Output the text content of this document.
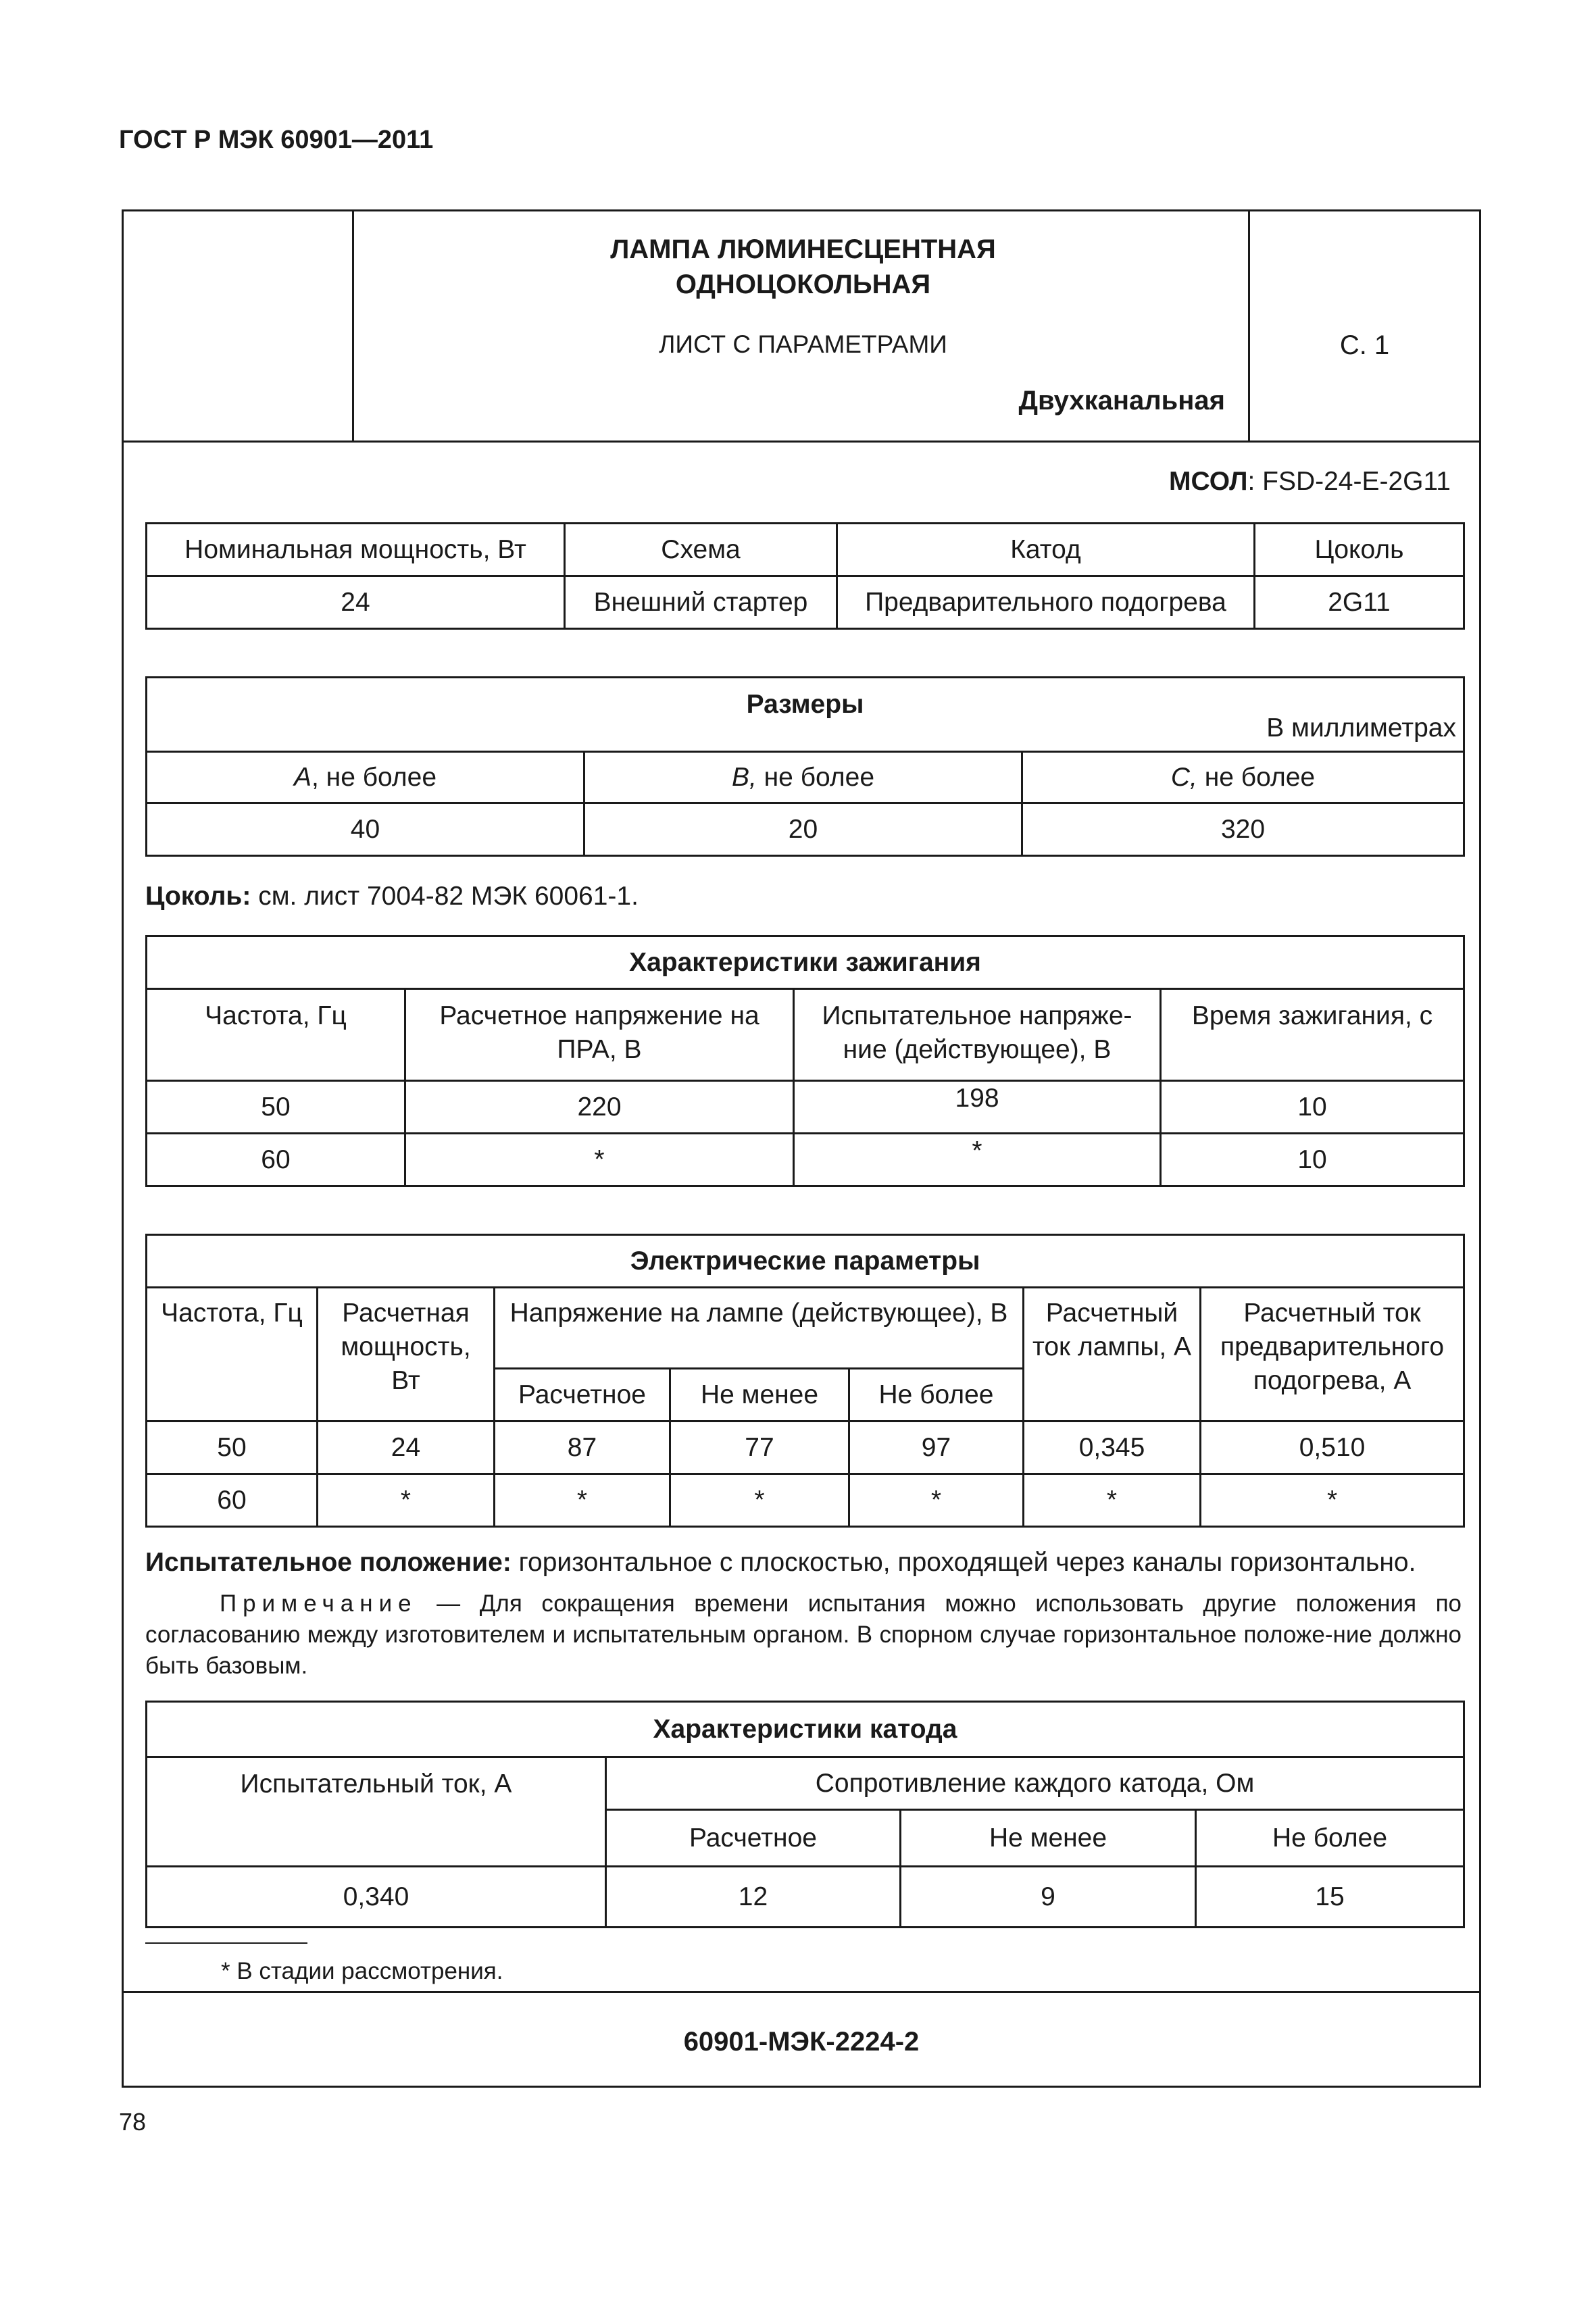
ГОСТ Р МЭК 60901—2011
ЛАМПА ЛЮМИНЕСЦЕНТНАЯ
ОДНОЦОКОЛЬНАЯ
ЛИСТ С ПАРАМЕТРАМИ
Двухканальная
С. 1
МСОЛ: FSD-24-E-2G11
Номинальная мощность, Вт	Схема	Катод	Цоколь
24	Внешний стартер	Предварительного подогрева	2G11
Размеры
В миллиметрах		

A, не более	B, не более	C, не более
40	20	320
Цоколь: см. лист 7004-82 МЭК 60061-1.
Характеристики зажигания			
Частота, Гц	Расчетное напряжение на ПРА, В	Испытательное напряже-ние (действующее), В	Время зажигания, с
50	220	198	10
60	*	*	10
Электрические параметры						
Частота, Гц	Расчетная мощность, Вт	Напряжение на лампе (действующее), В			Расчетный ток лампы, А	Расчетный ток предварительного подогрева, А
		Расчетное	Не менее	Не более		
50	24	87	77	97	0,345	0,510
60	*	*	*	*	*	*
Испытательное положение: горизонтальное с плоскостью, проходящей через каналы горизонтально.
Примечание — Для сокращения времени испытания можно использовать другие положения по согласованию между изготовителем и испытательным органом. В спорном случае горизонтальное положе-ние должно быть базовым.
Характеристики катода			
Испытательный ток, А	Сопротивление каждого катода, Ом		
	Расчетное	Не менее	Не более
0,340	12	9	15
* В стадии рассмотрения.
60901-МЭК-2224-2
78
